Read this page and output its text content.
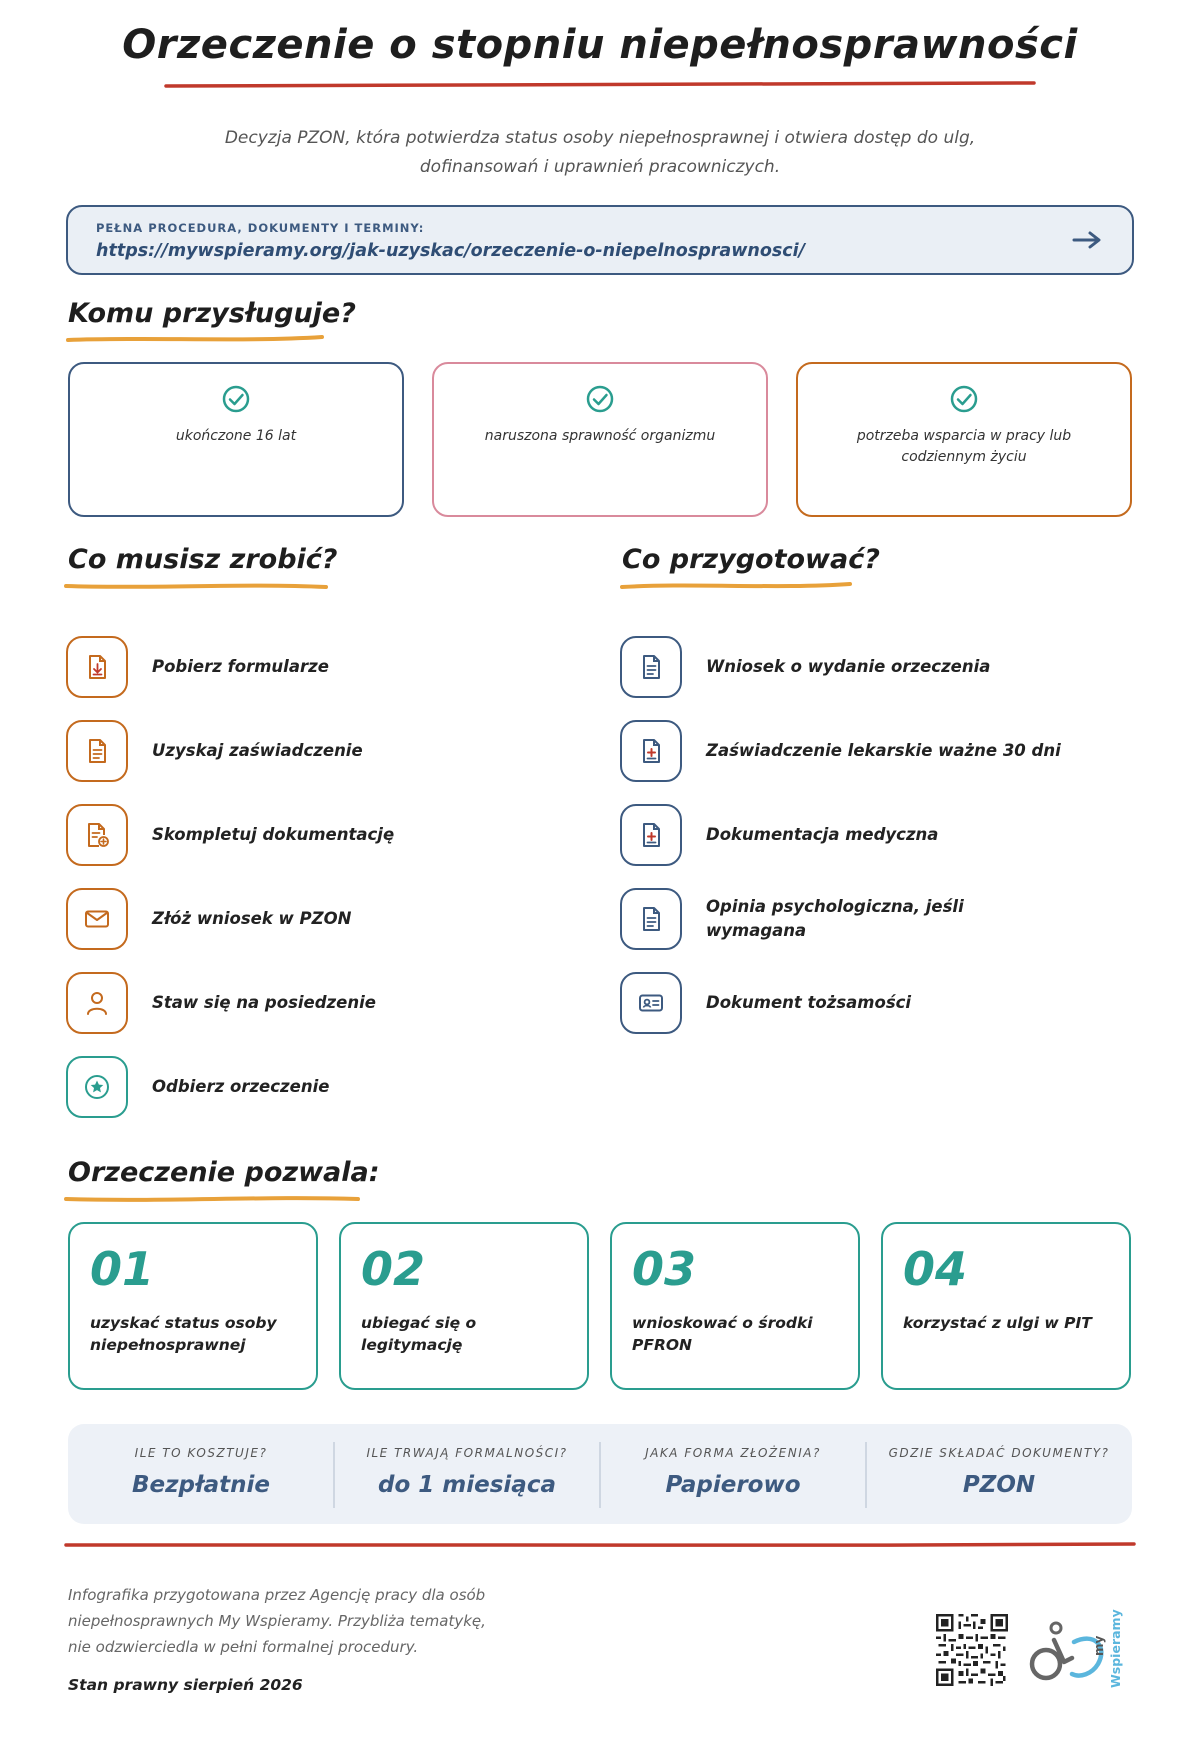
Orzeczenie o stopniu niepełnosprawności
Decyzja PZON, która potwierdza status osoby niepełnosprawnej i otwiera dostęp do ulg, dofinansowań i uprawnień pracowniczych.
PEŁNA PROCEDURA, DOKUMENTY I TERMINY:
https://mywspieramy.org/jak-uzyskac/orzeczenie-o-niepelnosprawnosci/
Komu przysługuje?
ukończone 16 lat	naruszona sprawność organizmu	potrzeba wsparcia w pracy lub codziennym życiu
Co musisz zrobić?
Pobierz formularze
Uzyskaj zaświadczenie
Skompletuj dokumentację
Złóż wniosek w PZON
Staw się na posiedzenie
Odbierz orzeczenie
Co przygotować?
Wniosek o wydanie orzeczenia
Zaświadczenie lekarskie ważne 30 dni
Dokumentacja medyczna
Opinia psychologiczna, jeśli wymagana
Dokument tożsamości
Orzeczenie pozwala:
01
uzyskać status osoby niepełnosprawnej
02
ubiegać się o legitymację
03
wnioskować o środki PFRON
04
korzystać z ulgi w PIT
ILE TO KOSZTUJE?
Bezpłatnie
ILE TRWAJĄ FORMALNOŚCI?
do 1 miesiąca
JAKA FORMA ZŁOŻENIA?
Papierowo
GDZIE SKŁADAĆ DOKUMENTY?
PZON
Infografika przygotowana przez Agencję pracy dla osób niepełnosprawnych My Wspieramy. Przybliża tematykę, nie odzwierciedla w pełni formalnej procedury.
Stan prawny sierpień 2026
my Wspieramy
